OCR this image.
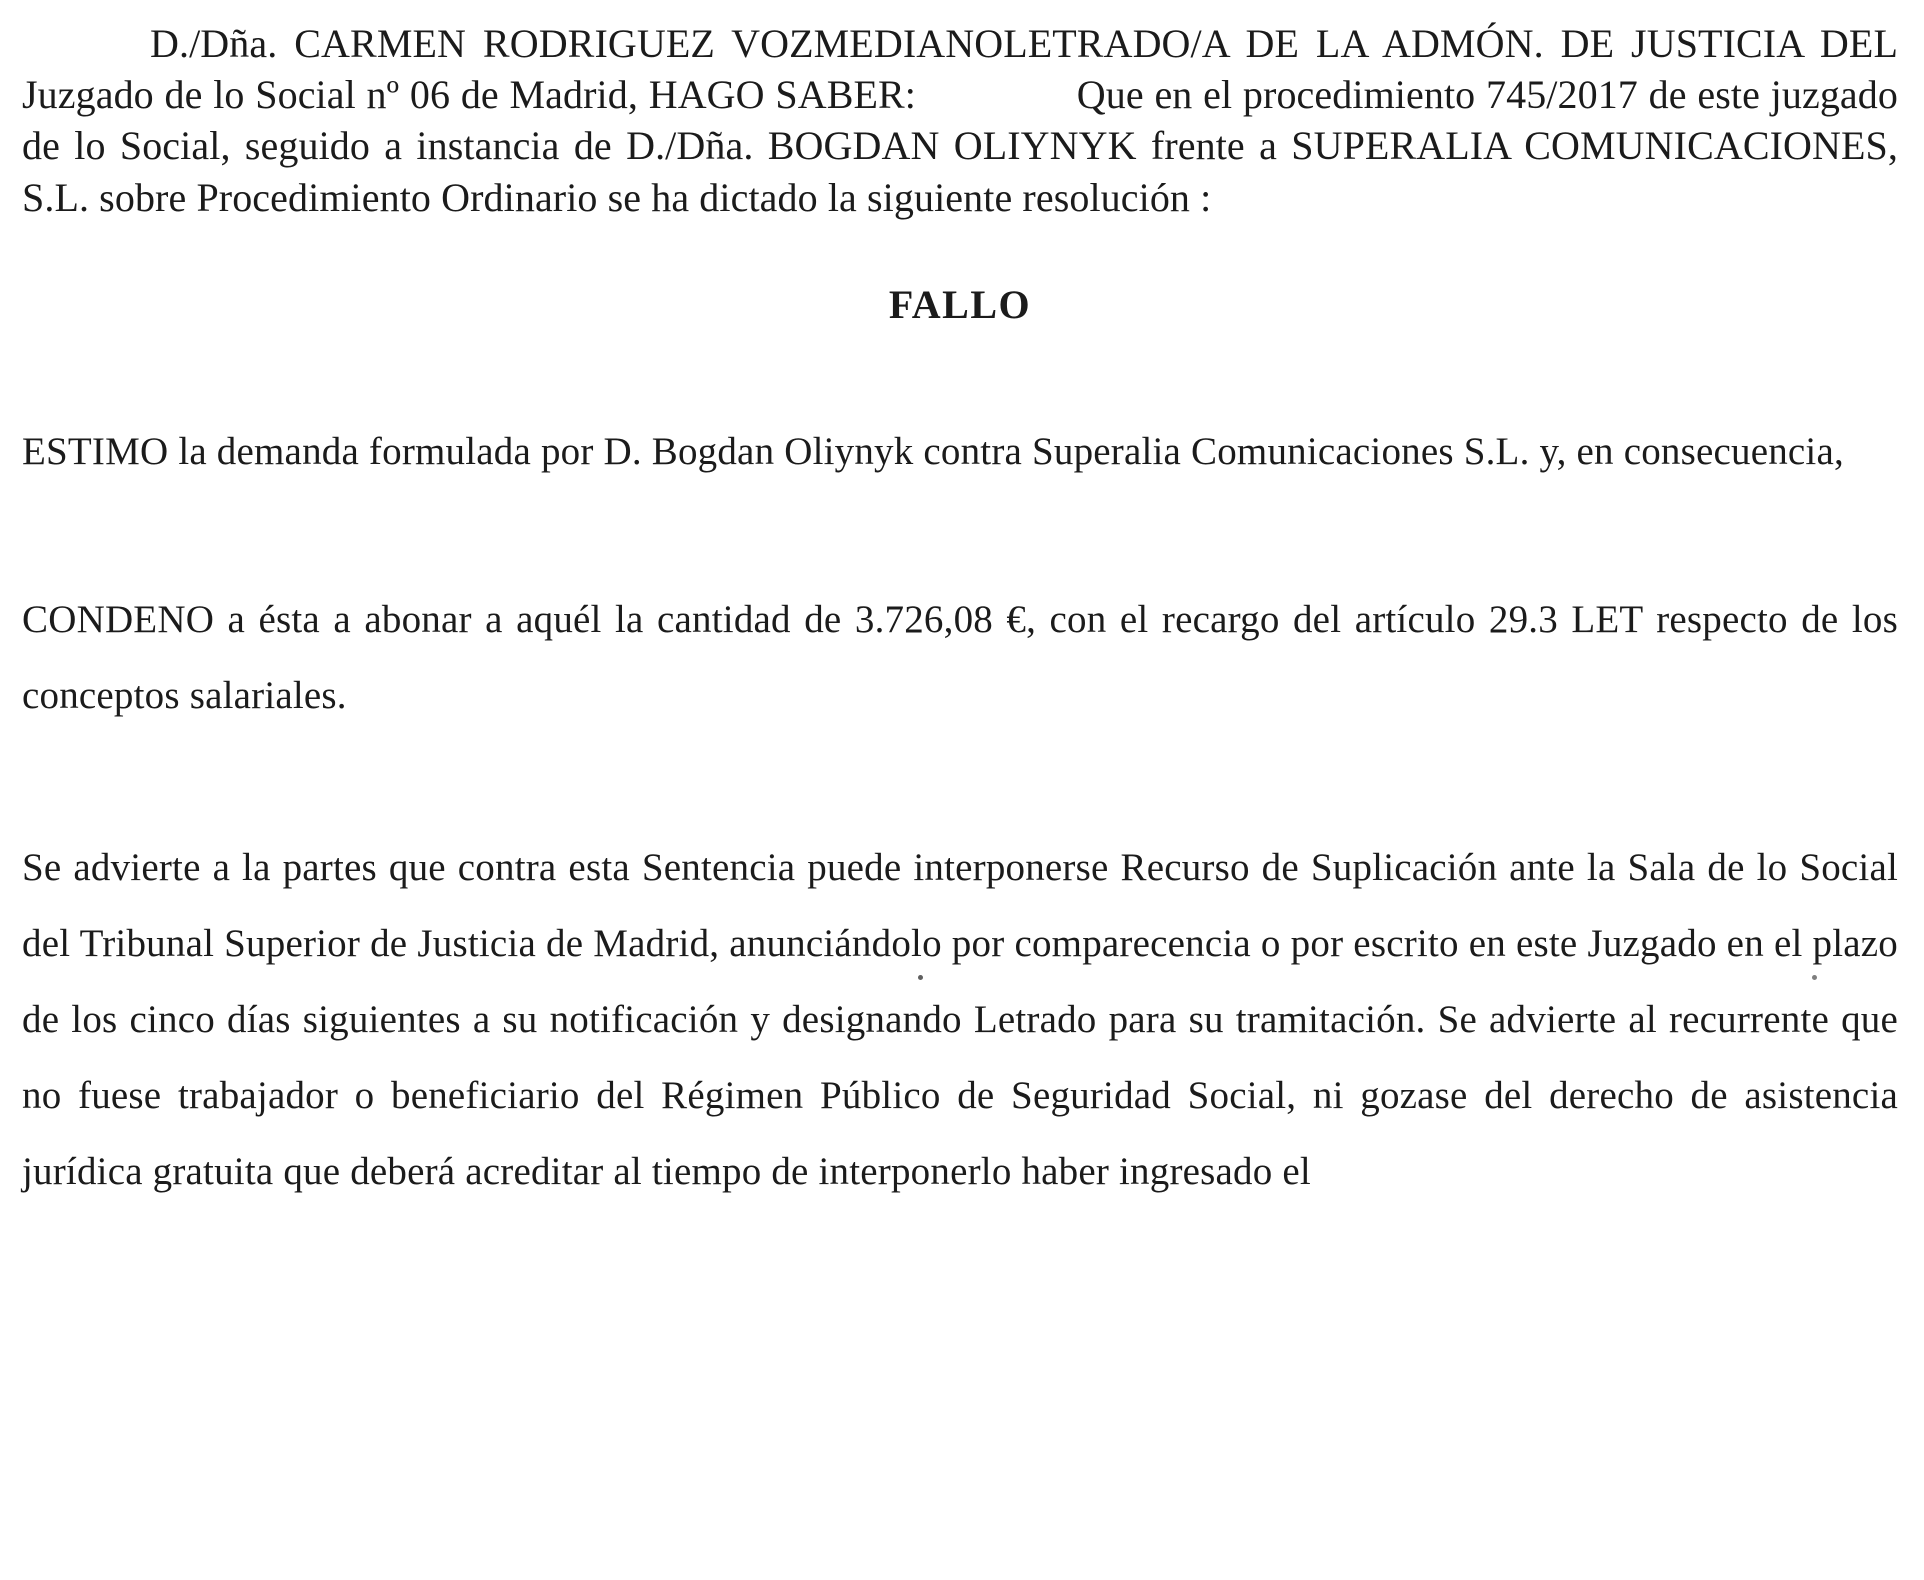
D./Dña. CARMEN RODRIGUEZ VOZMEDIANOLETRADO/A DE LA ADMÓN. DE JUSTICIA DEL Juzgado de lo Social nº 06 de Madrid, HAGO SABER:	Que en el procedimiento 745/2017 de este juzgado de lo Social, seguido a instancia de D./Dña. BOGDAN OLIYNYK frente a SUPERALIA COMUNICACIONES, S.L. sobre Procedimiento Ordinario se ha dictado la siguiente resolución :
FALLO

ESTIMO la demanda formulada por D. Bogdan Oliynyk contra Superalia Comunicaciones S.L. y, en consecuencia,

CONDENO a ésta a abonar a aquél la cantidad de 3.726,08 €, con el recargo del artículo 29.3 LET respecto de los conceptos salariales.

Se advierte a la partes que contra esta Sentencia puede interponerse Recurso de Suplicación ante la Sala de lo Social del Tribunal Superior de Justicia de Madrid, anunciándolo por comparecencia o por escrito en este Juzgado en el plazo de los cinco días siguientes a su notificación y designando Letrado para su tramitación. Se advierte al recurrente que no fuese trabajador o beneficiario del Régimen Público de Seguridad Social, ni gozase del derecho de asistencia jurídica gratuita que deberá acreditar al tiempo de interponerlo haber ingresado el
